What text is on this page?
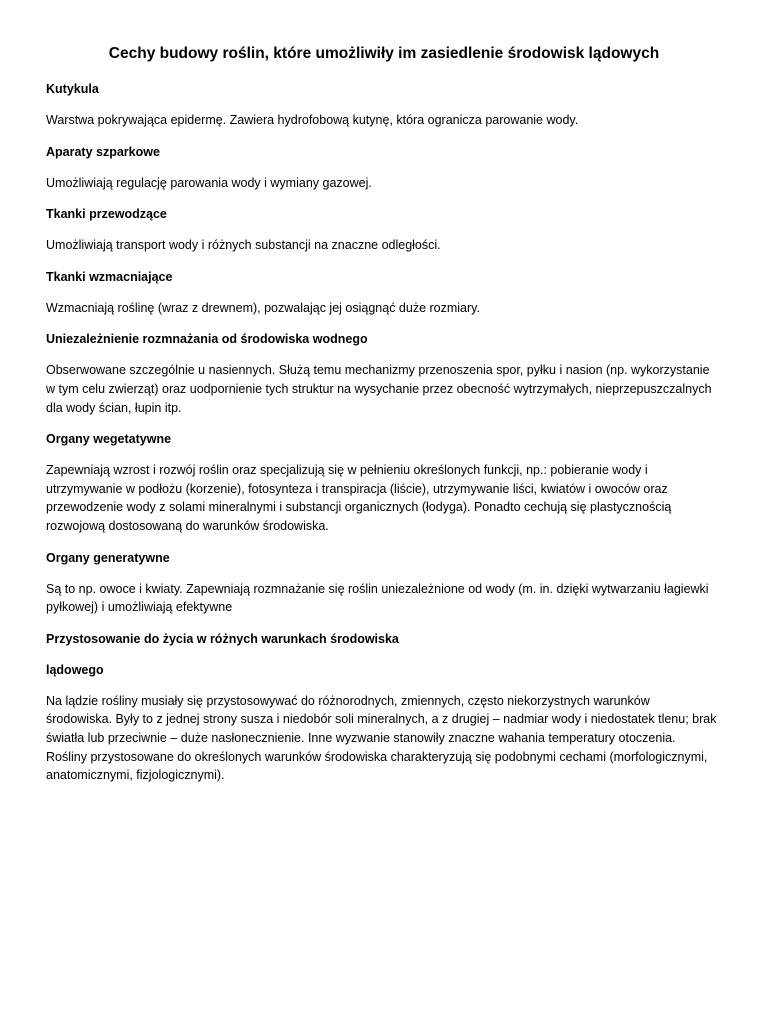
Cechy budowy roślin, które umożliwiły im zasiedlenie środowisk lądowych
Kutykula

Warstwa pokrywająca epidermę. Zawiera hydrofobową kutynę, która ogranicza parowanie wody.

Aparaty szparkowe

Umożliwiają regulację parowania wody i wymiany gazowej.

Tkanki przewodzące

Umożliwiają transport wody i różnych substancji na znaczne odległości.

Tkanki wzmacniające

Wzmacniają roślinę (wraz z drewnem), pozwalając jej osiągnąć duże rozmiary.

Uniezależnienie rozmnażania od środowiska wodnego

Obserwowane szczególnie u nasiennych. Służą temu mechanizmy przenoszenia spor, pyłku i nasion (np. wykorzystanie w tym celu zwierząt) oraz uodpornienie tych struktur na wysychanie przez obecność wytrzymałych, nieprzepuszczalnych dla wody ścian, łupin itp.

Organy wegetatywne

Zapewniają wzrost i rozwój roślin oraz specjalizują się w pełnieniu określonych funkcji, np.: pobieranie wody i utrzymywanie w podłożu (korzenie), fotosynteza i transpiracja (liście), utrzymywanie liści, kwiatów i owoców oraz przewodzenie wody z solami mineralnymi i substancji organicznych (łodyga). Ponadto cechują się plastycznością rozwojową dostosowaną do warunków środowiska.

Organy generatywne

Są to np. owoce i kwiaty. Zapewniają rozmnażanie się roślin uniezależnione od wody (m. in. dzięki wytwarzaniu łagiewki pyłkowej) i umożliwiają efektywne

Przystosowanie do życia w różnych warunkach środowiska
lądowego

Na lądzie rośliny musiały się przystosowywać do różnorodnych, zmiennych, często niekorzystnych warunków środowiska. Były to z jednej strony susza i niedobór soli mineralnych, a z drugiej – nadmiar wody i niedostatek tlenu; brak światła lub przeciwnie – duże nasłonecznienie. Inne wyzwanie stanowiły znaczne wahania temperatury otoczenia. Rośliny przystosowane do określonych warunków środowiska charakteryzują się podobnymi cechami (morfologicznymi, anatomicznymi, fizjologicznymi).
